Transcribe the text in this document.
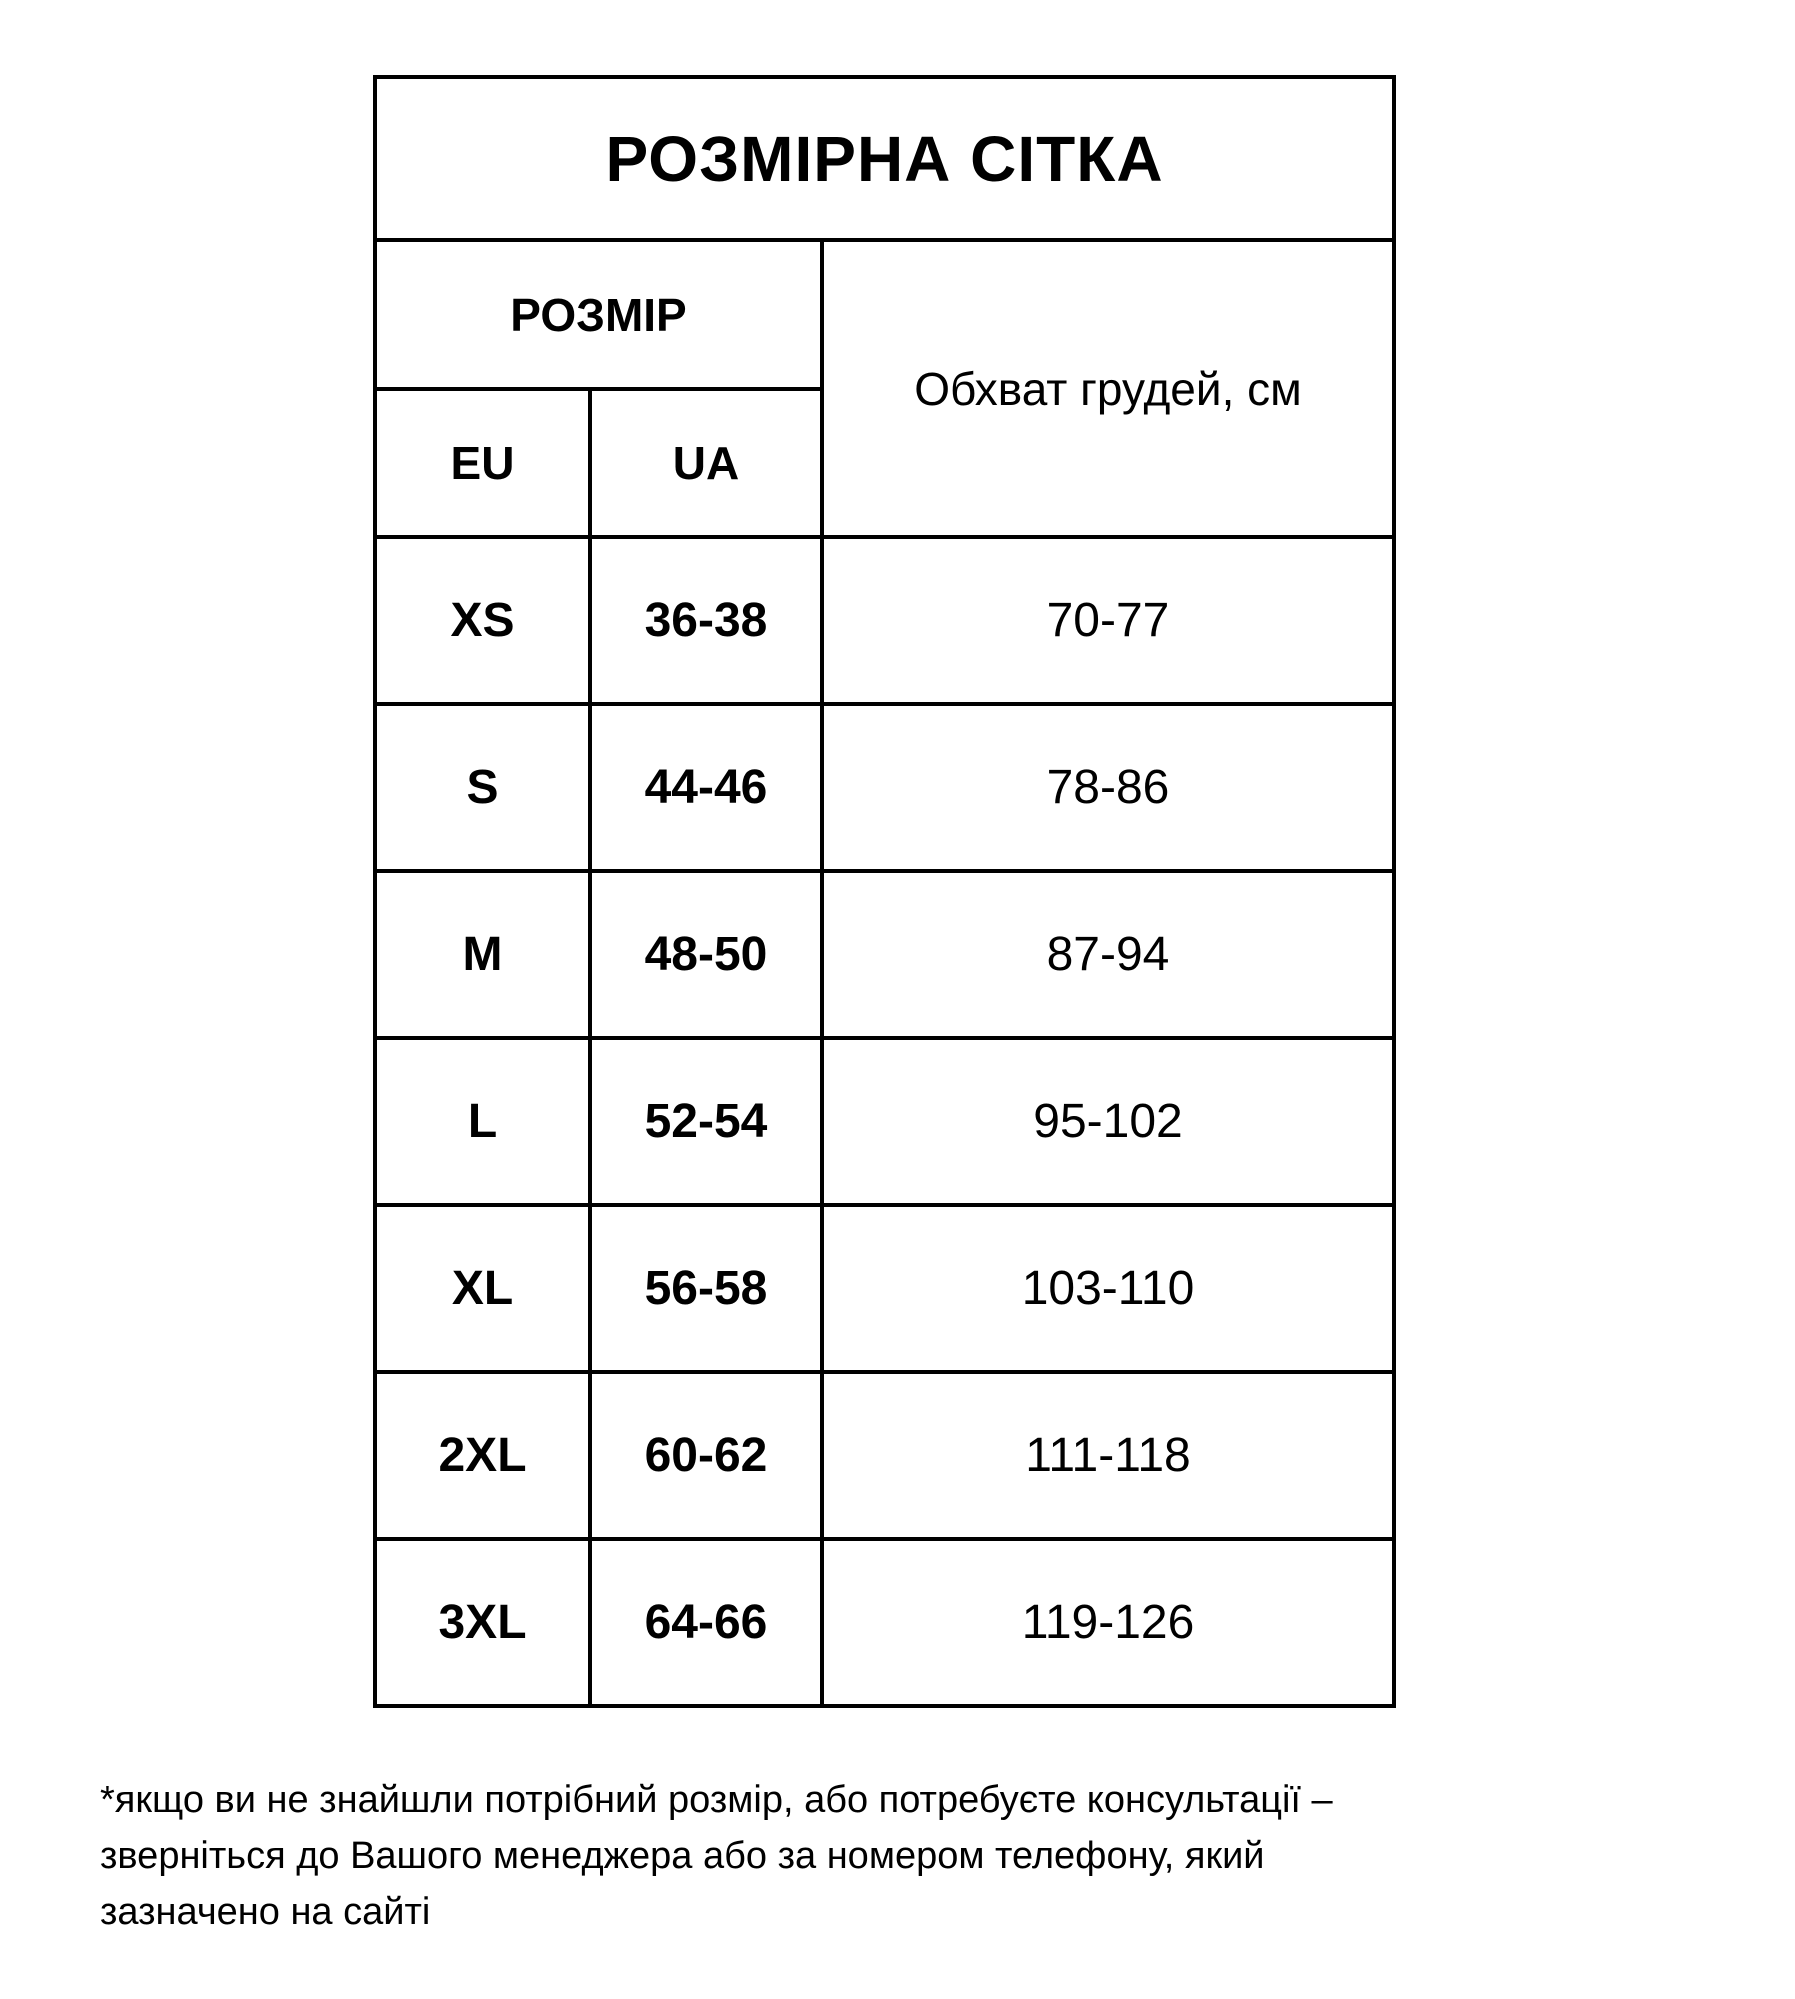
РОЗМІРНА СІТКА		
РОЗМІР		Обхват грудей, см
EU	UA	
XS	36-38	70-77
S	44-46	78-86
M	48-50	87-94
L	52-54	95-102
XL	56-58	103-110
2XL	60-62	111-118
3XL	64-66	119-126
*якщо ви не знайшли потрібний розмір, або потребуєте консультації –
зверніться до Вашого менеджера або за номером телефону, який
зазначено на сайті
